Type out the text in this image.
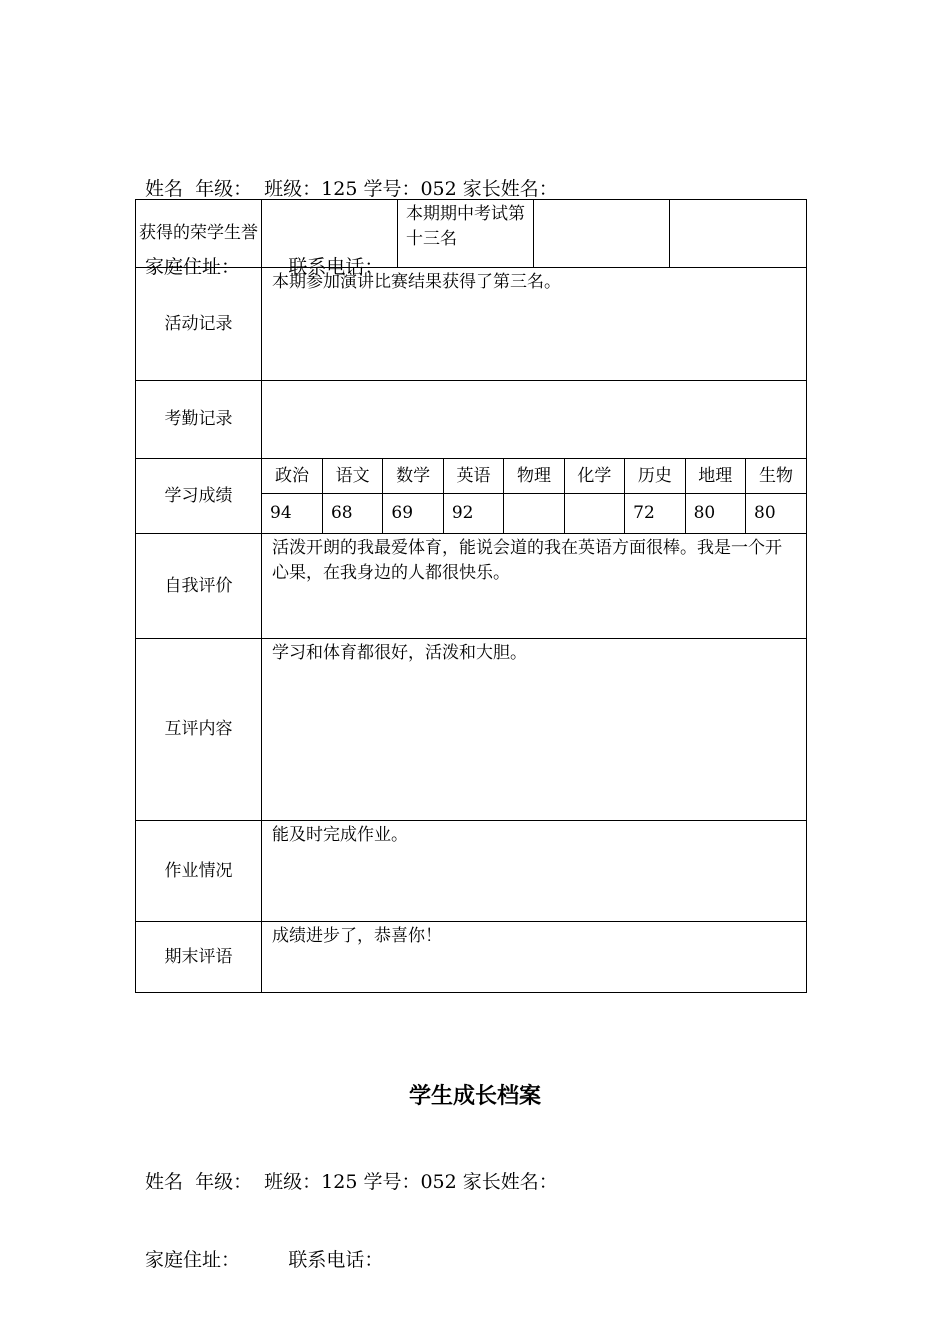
姓名  年级：  班级：125 学号：052 家长姓名：

家庭住址：        联系电话：

获得的荣学生誉		本期期中考试第十三名		
活动记录	本期参加演讲比赛结果获得了第三名。
考勤记录	
学习成绩	
政治	语文	数学	英语	物理	化学	历史	地理	生物
94	68	69	92			72	80	80

自我评价	活泼开朗的我最爱体育，能说会道的我在英语方面很棒。我是一个开心果，在我身边的人都很快乐。
互评内容	学习和体育都很好，活泼和大胆。
作业情况	能及时完成作业。
期末评语	成绩进步了，恭喜你！
学生成长档案

姓名  年级：  班级：125 学号：052 家长姓名：

家庭住址：        联系电话：
